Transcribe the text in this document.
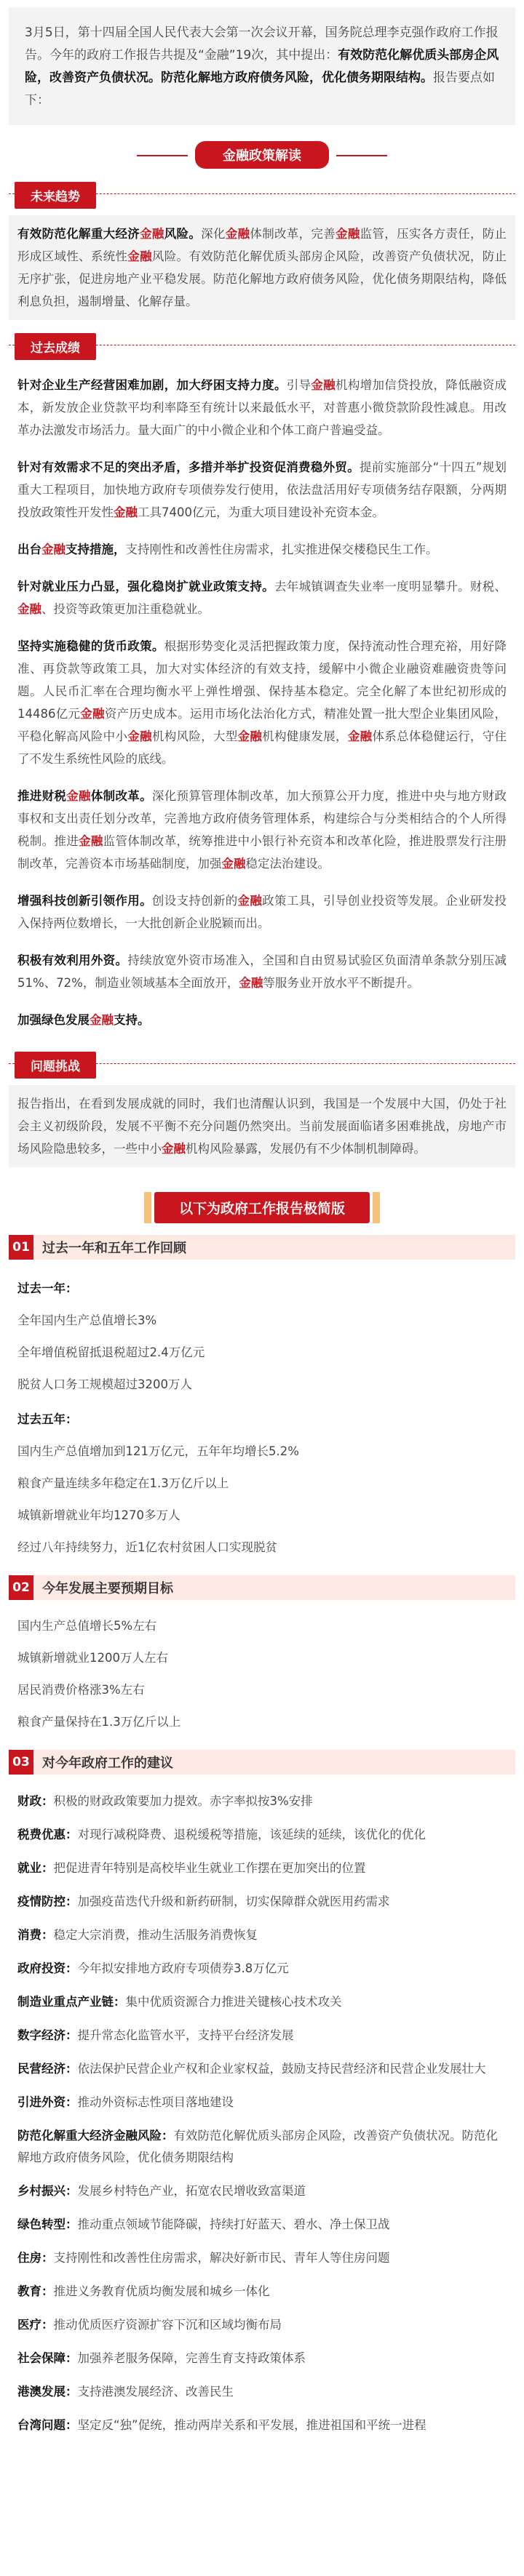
3月5日，第十四届全国人民代表大会第一次会议开幕，国务院总理李克强作政府工作报告。今年的政府工作报告共提及“金融”19次，其中提出：有效防范化解优质头部房企风险，改善资产负债状况。防范化解地方政府债务风险，优化债务期限结构。报告要点如下：
金融政策解读
未来趋势
有效防范化解重大经济金融风险。深化金融体制改革，完善金融监管，压实各方责任，防止形成区域性、系统性金融风险。有效防范化解优质头部房企风险，改善资产负债状况，防止无序扩张，促进房地产业平稳发展。防范化解地方政府债务风险，优化债务期限结构，降低利息负担，遏制增量、化解存量。
过去成绩
针对企业生产经营困难加剧，加大纾困支持力度。引导金融机构增加信贷投放，降低融资成本，新发放企业贷款平均利率降至有统计以来最低水平，对普惠小微贷款阶段性减息。用改革办法激发市场活力。量大面广的中小微企业和个体工商户普遍受益。
针对有效需求不足的突出矛盾，多措并举扩投资促消费稳外贸。提前实施部分“十四五”规划重大工程项目，加快地方政府专项债券发行使用，依法盘活用好专项债务结存限额，分两期投放政策性开发性金融工具7400亿元，为重大项目建设补充资本金。
出台金融支持措施，支持刚性和改善性住房需求，扎实推进保交楼稳民生工作。
针对就业压力凸显，强化稳岗扩就业政策支持。去年城镇调查失业率一度明显攀升。财税、金融、投资等政策更加注重稳就业。
坚持实施稳健的货币政策。根据形势变化灵活把握政策力度，保持流动性合理充裕，用好降准、再贷款等政策工具，加大对实体经济的有效支持，缓解中小微企业融资难融资贵等问题。人民币汇率在合理均衡水平上弹性增强、保持基本稳定。完全化解了本世纪初形成的14486亿元金融资产历史成本。运用市场化法治化方式，精准处置一批大型企业集团风险，平稳化解高风险中小金融机构风险，大型金融机构健康发展，金融体系总体稳健运行，守住了不发生系统性风险的底线。
推进财税金融体制改革。深化预算管理体制改革，加大预算公开力度，推进中央与地方财政事权和支出责任划分改革，完善地方政府债务管理体系，构建综合与分类相结合的个人所得税制。推进金融监管体制改革，统筹推进中小银行补充资本和改革化险，推进股票发行注册制改革，完善资本市场基础制度，加强金融稳定法治建设。
增强科技创新引领作用。创设支持创新的金融政策工具，引导创业投资等发展。企业研发投入保持两位数增长，一大批创新企业脱颖而出。
积极有效利用外资。持续放宽外资市场准入，全国和自由贸易试验区负面清单条款分别压减51%、72%，制造业领域基本全面放开，金融等服务业开放水平不断提升。
加强绿色发展金融支持。
问题挑战
报告指出，在看到发展成就的同时，我们也清醒认识到，我国是一个发展中大国，仍处于社会主义初级阶段，发展不平衡不充分问题仍然突出。当前发展面临诸多困难挑战，房地产市场风险隐患较多，一些中小金融机构风险暴露，发展仍有不少体制机制障碍。
以下为政府工作报告极简版
01 过去一年和五年工作回顾
过去一年：
全年国内生产总值增长3%
全年增值税留抵退税超过2.4万亿元
脱贫人口务工规模超过3200万人
过去五年：
国内生产总值增加到121万亿元，五年年均增长5.2%
粮食产量连续多年稳定在1.3万亿斤以上
城镇新增就业年均1270多万人
经过八年持续努力，近1亿农村贫困人口实现脱贫
02 今年发展主要预期目标
国内生产总值增长5%左右
城镇新增就业1200万人左右
居民消费价格涨3%左右
粮食产量保持在1.3万亿斤以上
03 对今年政府工作的建议
财政：积极的财政政策要加力提效。赤字率拟按3%安排
税费优惠：对现行减税降费、退税缓税等措施，该延续的延续，该优化的优化
就业：把促进青年特别是高校毕业生就业工作摆在更加突出的位置
疫情防控：加强疫苗迭代升级和新药研制，切实保障群众就医用药需求
消费：稳定大宗消费，推动生活服务消费恢复
政府投资：今年拟安排地方政府专项债券3.8万亿元
制造业重点产业链：集中优质资源合力推进关键核心技术攻关
数字经济：提升常态化监管水平，支持平台经济发展
民营经济：依法保护民营企业产权和企业家权益，鼓励支持民营经济和民营企业发展壮大
引进外资：推动外资标志性项目落地建设
防范化解重大经济金融风险：有效防范化解优质头部房企风险，改善资产负债状况。防范化解地方政府债务风险，优化债务期限结构
乡村振兴：发展乡村特色产业，拓宽农民增收致富渠道
绿色转型：推动重点领域节能降碳，持续打好蓝天、碧水、净土保卫战
住房：支持刚性和改善性住房需求，解决好新市民、青年人等住房问题
教育：推进义务教育优质均衡发展和城乡一体化
医疗：推动优质医疗资源扩容下沉和区域均衡布局
社会保障：加强养老服务保障，完善生育支持政策体系
港澳发展：支持港澳发展经济、改善民生
台湾问题：坚定反“独”促统，推动两岸关系和平发展，推进祖国和平统一进程
